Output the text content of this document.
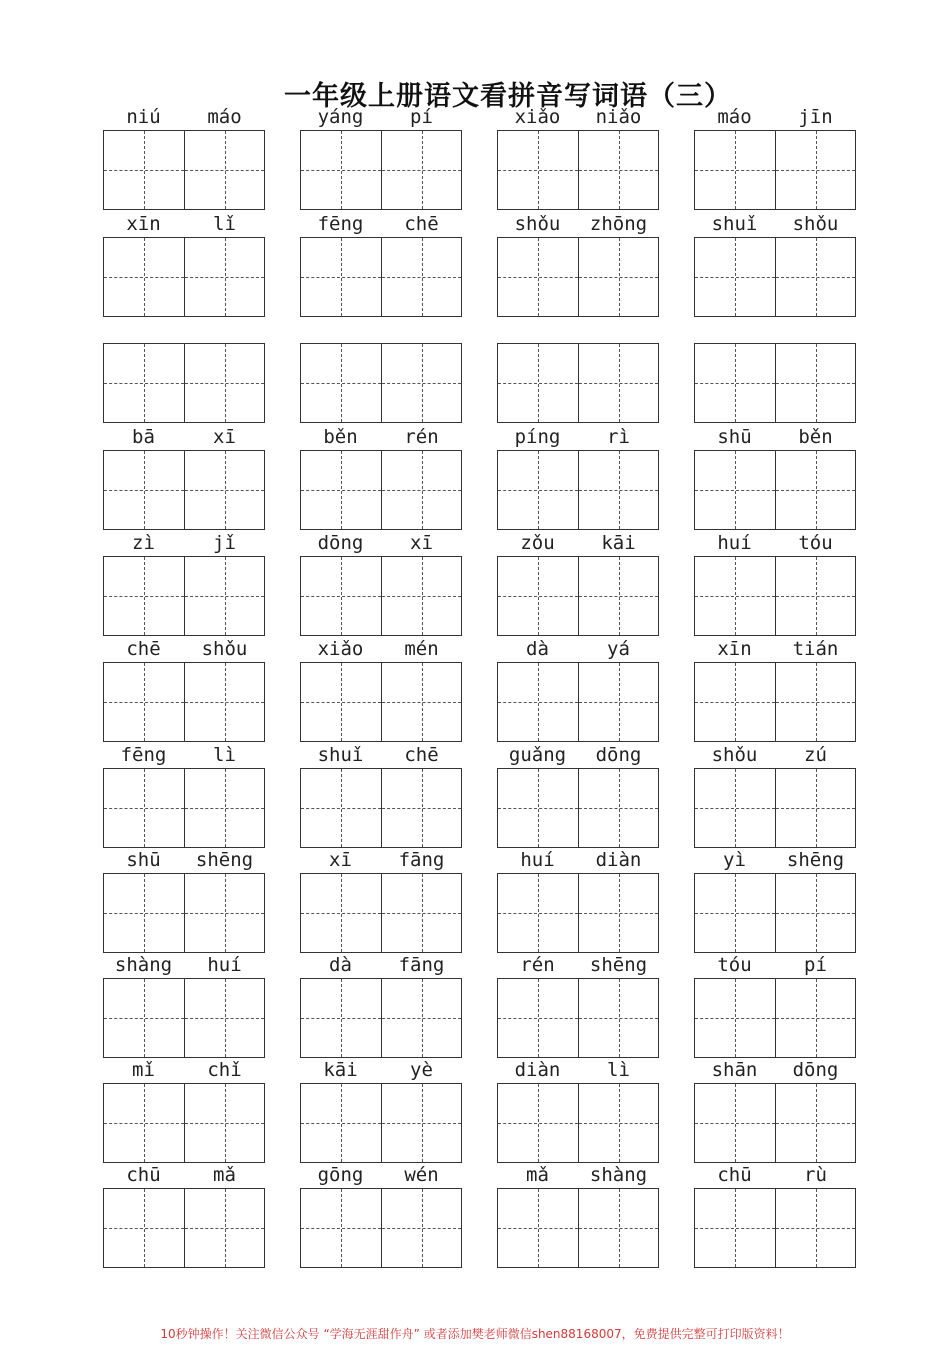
一年级上册语文看拼音写词语（三）
niú	máo	yáng	pí	xiǎo	niǎo	máo	jīn
xīn	lǐ	fēng	chē	shǒu	zhōng	shuǐ	shǒu
bā	xī	běn	rén	píng	rì	shū	běn
zì	jǐ	dōng	xī	zǒu	kāi	huí	tóu
chē	shǒu	xiǎo	mén	dà	yá	xīn	tián
fēng	lì	shuǐ	chē	guǎng	dōng	shǒu	zú
shū	shēng	xī	fāng	huí	diàn	yì	shēng
shàng	huí	dà	fāng	rén	shēng	tóu	pí
mǐ	chǐ	kāi	yè	diàn	lì	shān	dōng
chū	mǎ	gōng	wén	mǎ	shàng	chū	rù
10秒钟操作！关注微信公众号 “学海无涯甜作舟” 或者添加樊老师微信shen88168007，免费提供完整可打印版资料！
